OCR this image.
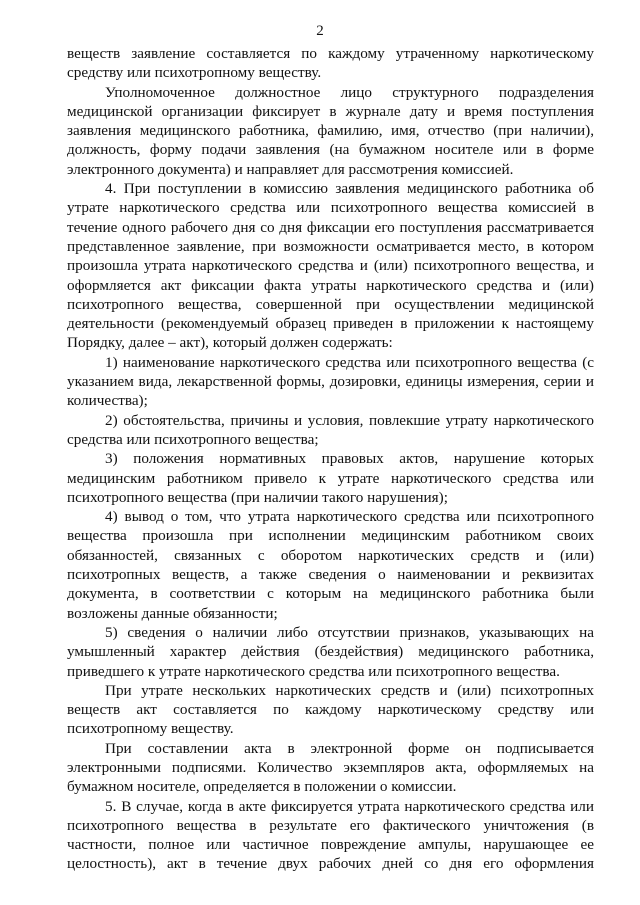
2

веществ заявление составляется по каждому утраченному наркотическому средству или психотропному веществу.

Уполномоченное должностное лицо структурного подразделения медицинской организации фиксирует в журнале дату и время поступления заявления медицинского работника, фамилию, имя, отчество (при наличии), должность, форму подачи заявления (на бумажном носителе или в форме электронного документа) и направляет для рассмотрения комиссией.

4. При поступлении в комиссию заявления медицинского работника об утрате наркотического средства или психотропного вещества комиссией в течение одного рабочего дня со дня фиксации его поступления рассматривается представленное заявление, при возможности осматривается место, в котором произошла утрата наркотического средства и (или) психотропного вещества, и оформляется акт фиксации факта утраты наркотического средства и (или) психотропного вещества, совершенной при осуществлении медицинской деятельности (рекомендуемый образец приведен в приложении к настоящему Порядку, далее – акт), который должен содержать:

1) наименование наркотического средства или психотропного вещества (с указанием вида, лекарственной формы, дозировки, единицы измерения, серии и количества);

2) обстоятельства, причины и условия, повлекшие утрату наркотического средства или психотропного вещества;

3) положения нормативных правовых актов, нарушение которых медицинским работником привело к утрате наркотического средства или психотропного вещества (при наличии такого нарушения);

4) вывод о том, что утрата наркотического средства или психотропного вещества произошла при исполнении медицинским работником своих обязанностей, связанных с оборотом наркотических средств и (или) психотропных веществ, а также сведения о наименовании и реквизитах документа, в соответствии с которым на медицинского работника были возложены данные обязанности;

5) сведения о наличии либо отсутствии признаков, указывающих на умышленный характер действия (бездействия) медицинского работника, приведшего к утрате наркотического средства или психотропного вещества.

При утрате нескольких наркотических средств и (или) психотропных веществ акт составляется по каждому наркотическому средству или психотропному веществу.

При составлении акта в электронной форме он подписывается электронными подписями. Количество экземпляров акта, оформляемых на бумажном носителе, определяется в положении о комиссии.

5. В случае, когда в акте фиксируется утрата наркотического средства или психотропного вещества в результате его фактического уничтожения (в частности, полное или частичное повреждение ампулы, нарушающее ее целостность), акт в течение двух рабочих дней со дня его оформления
